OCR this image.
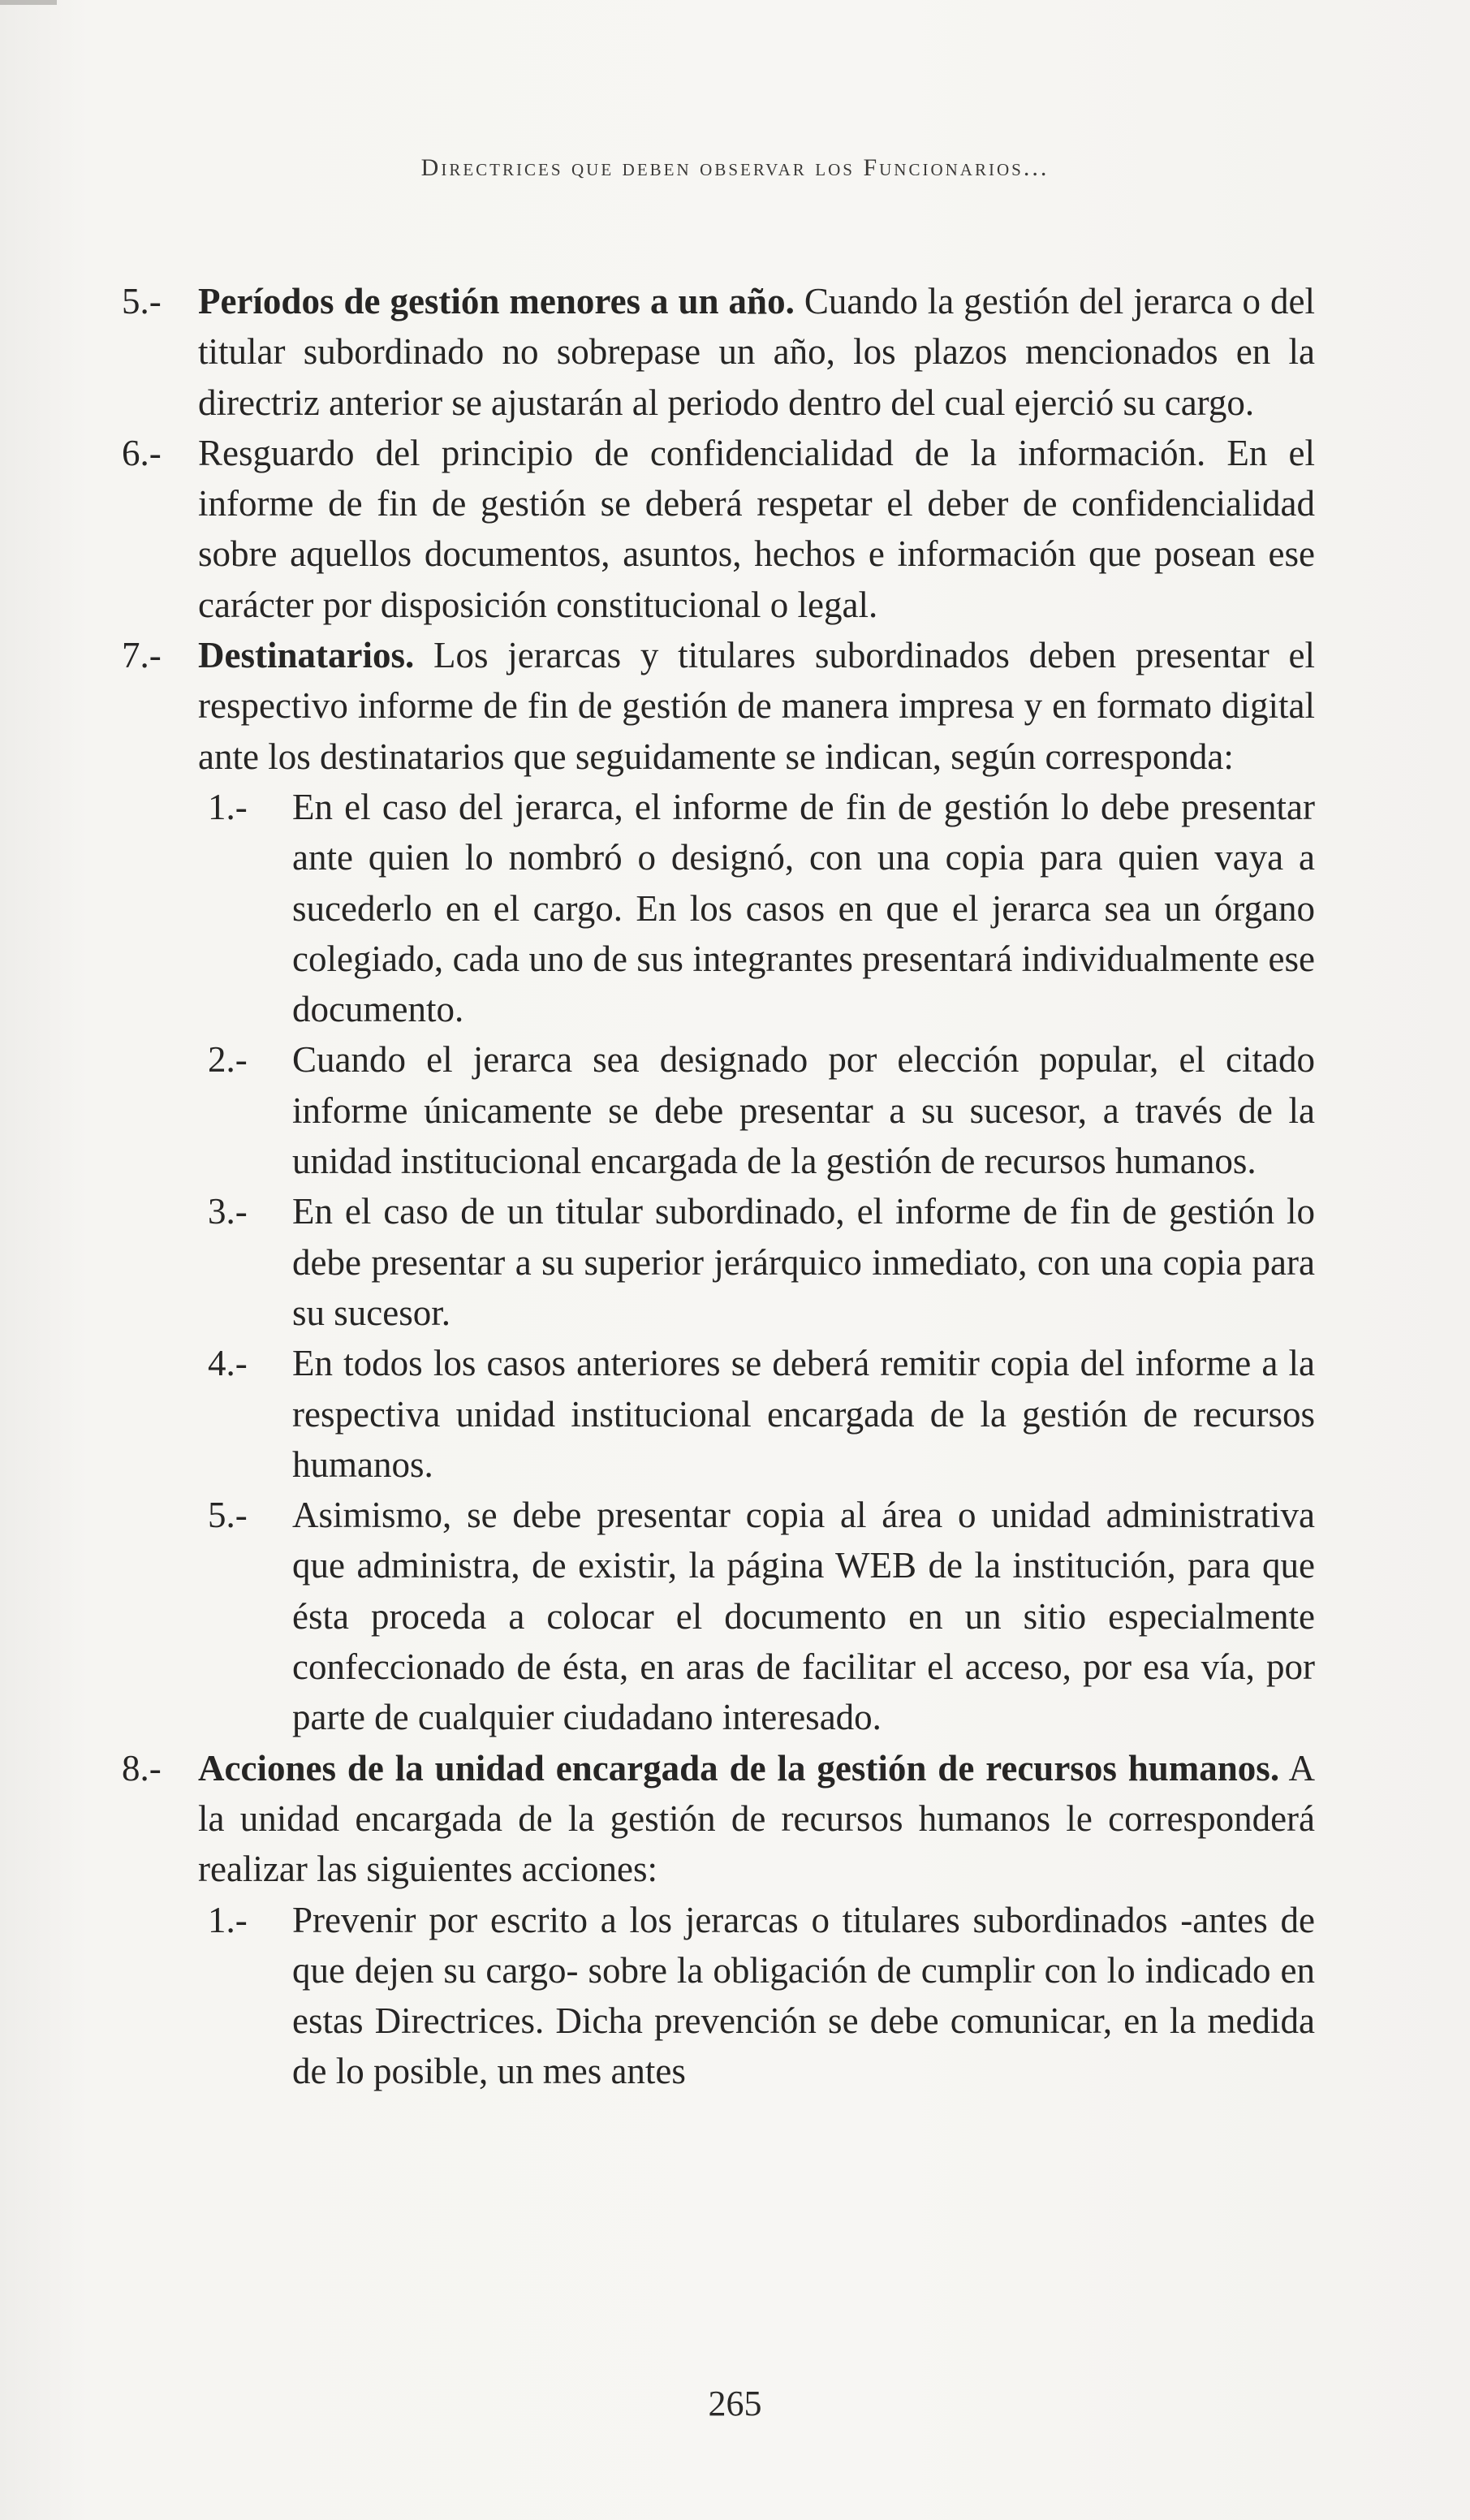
Directrices que deben observar los Funcionarios...
5.-	Períodos de gestión menores a un año. Cuando la gestión del jerarca o del titular subordinado no sobrepase un año, los plazos mencionados en la directriz anterior se ajustarán al periodo dentro del cual ejerció su cargo.
6.-	Resguardo del principio de confidencialidad de la información. En el informe de fin de gestión se deberá respetar el deber de confidencialidad sobre aquellos documentos, asuntos, hechos e información que posean ese carácter por disposición constitucional o legal.
7.-	Destinatarios. Los jerarcas y titulares subordinados deben presentar el respectivo informe de fin de gestión de manera impresa y en formato digital ante los destinatarios que seguidamente se indican, según corresponda:
1.-	En el caso del jerarca, el informe de fin de gestión lo debe presentar ante quien lo nombró o designó, con una copia para quien vaya a sucederlo en el cargo. En los casos en que el jerarca sea un órgano colegiado, cada uno de sus integrantes presentará individualmente ese documento.
2.-	Cuando el jerarca sea designado por elección popular, el citado informe únicamente se debe presentar a su sucesor, a través de la unidad institucional encargada de la gestión de recursos humanos.
3.-	En el caso de un titular subordinado, el informe de fin de gestión lo debe presentar a su superior jerárquico inmediato, con una copia para su sucesor.
4.-	En todos los casos anteriores se deberá remitir copia del informe a la respectiva unidad institucional encargada de la gestión de recursos humanos.
5.-	Asimismo, se debe presentar copia al área o unidad administrativa que administra, de existir, la página WEB de la institución, para que ésta proceda a colocar el documento en un sitio especialmente confeccionado de ésta, en aras de facilitar el acceso, por esa vía, por parte de cualquier ciudadano interesado.
8.-	Acciones de la unidad encargada de la gestión de recursos humanos. A la unidad encargada de la gestión de recursos humanos le corresponderá realizar las siguientes acciones:
1.-	Prevenir por escrito a los jerarcas o titulares subordinados -antes de que dejen su cargo- sobre la obligación de cumplir con lo indicado en estas Directrices. Dicha prevención se debe comunicar, en la medida de lo posible, un mes antes
265
